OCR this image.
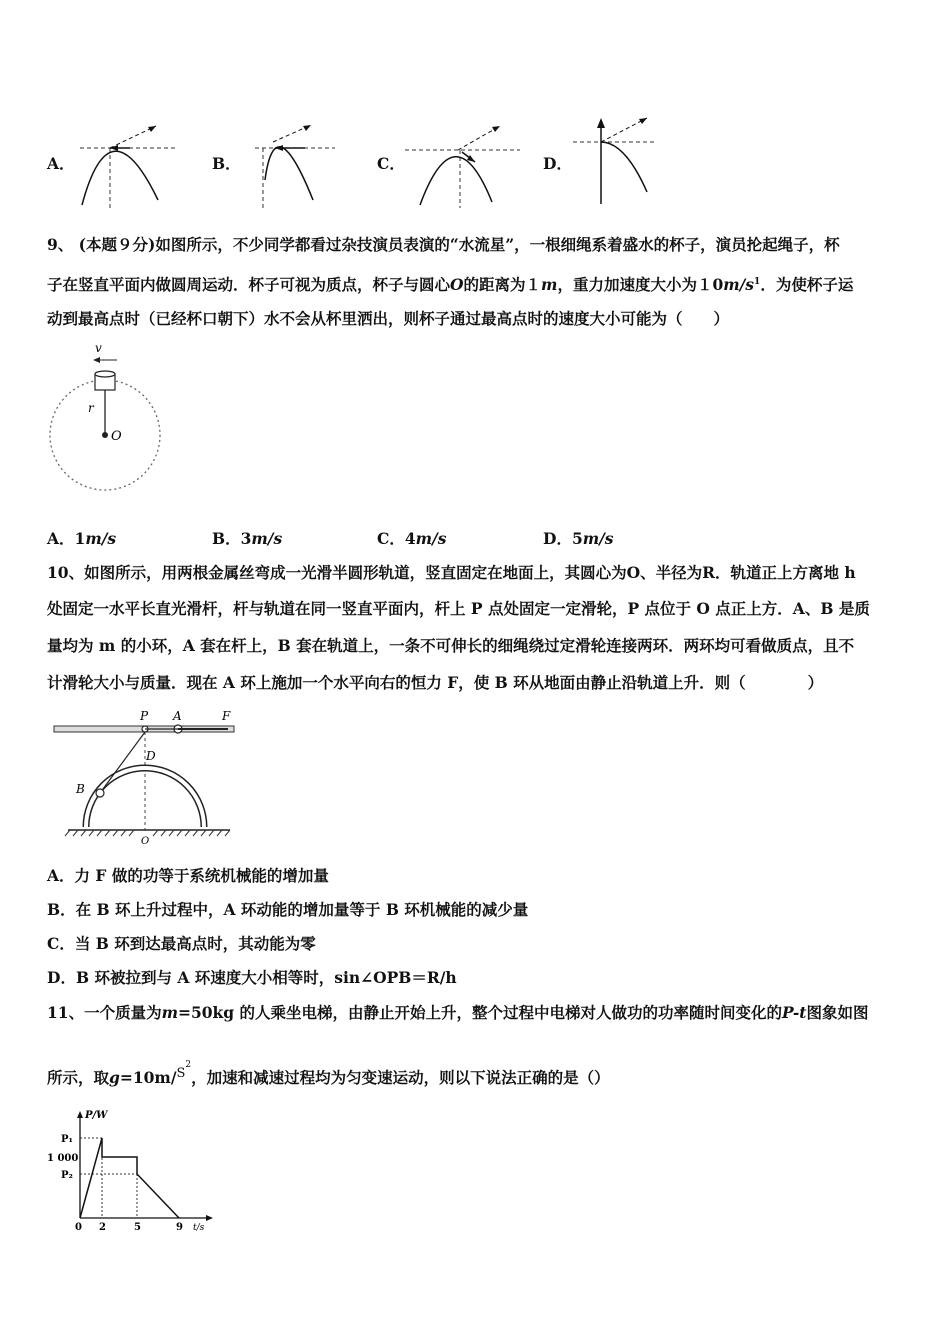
A．	B．	C．	D．
9、 (本题９分)如图所示，不少同学都看过杂技演员表演的“水流星”，一根细绳系着盛水的杯子，演员抡起绳子，杯
子在竖直平面内做圆周运动．杯子可视为质点，杯子与圆心O的距离为１m，重力加速度大小为$10m/s^1$．为使杯子运
动到最高点时（已经杯口朝下）水不会从杯里洒出，则杯子通过最高点时的速度大小可能为（　　）
v
r
O
A．1m/s	B．3m/s	C．4m/s	D．5m/s
10、如图所示，用两根金属丝弯成一光滑半圆形轨道，竖直固定在地面上，其圆心为O、半径为R．轨道正上方离地 h
处固定一水平长直光滑杆，杆与轨道在同一竖直平面内，杆上 P 点处固定一定滑轮，P 点位于 O 点正上方．A、B 是质
量均为 m 的小环，A 套在杆上，B 套在轨道上，一条不可伸长的细绳绕过定滑轮连接两环．两环均可看做质点，且不
计滑轮大小与质量．现在 A 环上施加一个水平向右的恒力 F，使 B 环从地面由静止沿轨道上升．则（　　　　）
P A	F
D
B
O
A．力 F 做的功等于系统机械能的增加量
B．在 B 环上升过程中，A 环动能的增加量等于 B 环机械能的减少量
C．当 B 环到达最高点时，其动能为零
D．B 环被拉到与 A 环速度大小相等时，sin∠OPB＝R/h
11、一个质量为m=50kg 的人乘坐电梯，由静止开始上升，整个过程中电梯对人做功的功率随时间变化的P-t图象如图
所示，取g=10m/$^{S2}$，加速和减速过程均为匀变速运动，则以下说法正确的是（）
P/W
t/s
P₁
1 000
P₂
0 2	5	9
